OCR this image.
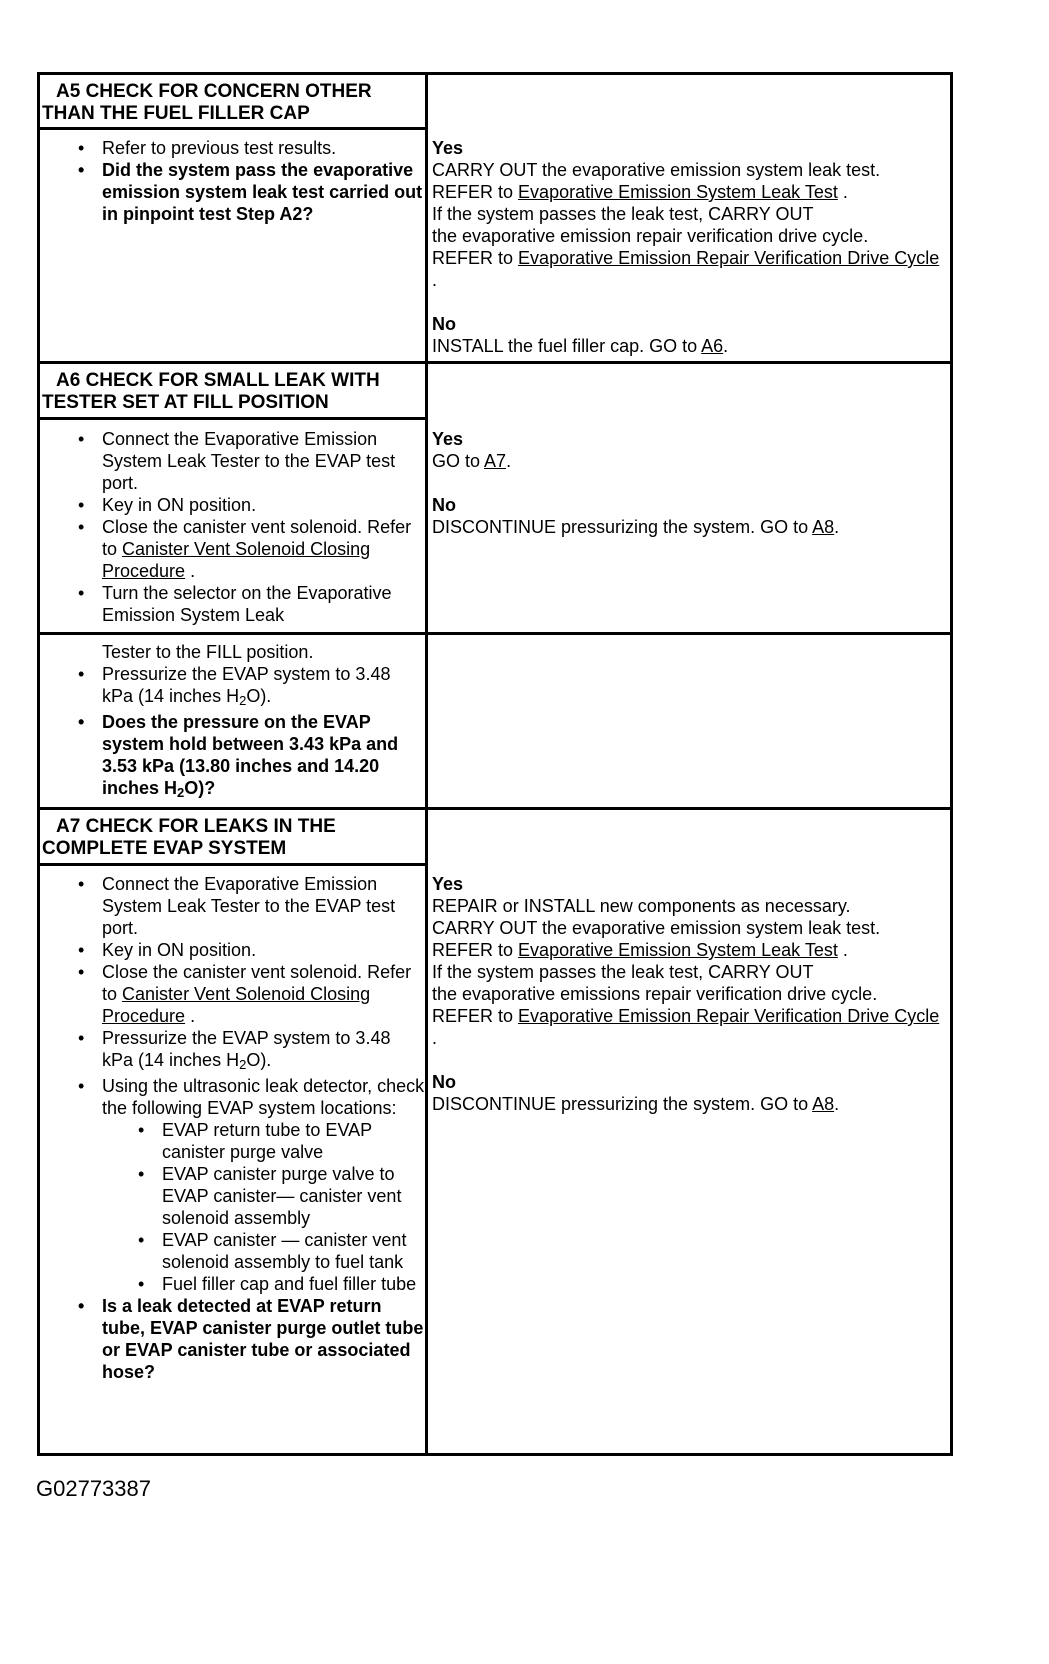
A5 CHECK FOR CONCERN OTHER
THAN THE FUEL FILLER CAP
• Refer to previous test results.
• Did the system pass the evaporative emission system leak test carried out in pinpoint test Step A2?
Yes
CARRY OUT the evaporative emission system leak test.
REFER to Evaporative Emission System Leak Test .
If the system passes the leak test, CARRY OUT
the evaporative emission repair verification drive cycle.
REFER to Evaporative Emission Repair Verification Drive Cycle .
No
INSTALL the fuel filler cap. GO to A6.
A6 CHECK FOR SMALL LEAK WITH
TESTER SET AT FILL POSITION
• Connect the Evaporative Emission System Leak Tester to the EVAP test port.
• Key in ON position.
• Close the canister vent solenoid. Refer to Canister Vent Solenoid Closing Procedure .
• Turn the selector on the Evaporative Emission System Leak
Yes
GO to A7.
No
DISCONTINUE pressurizing the system. GO to A8.
Tester to the FILL position.
• Pressurize the EVAP system to 3.48 kPa (14 inches $H_2O$).
• Does the pressure on the EVAP system hold between 3.43 kPa and 3.53 kPa (13.80 inches and 14.20 inches $H_2O$)?
A7 CHECK FOR LEAKS IN THE
COMPLETE EVAP SYSTEM
• Connect the Evaporative Emission System Leak Tester to the EVAP test port.
• Key in ON position.
• Close the canister vent solenoid. Refer to Canister Vent Solenoid Closing Procedure .
• Pressurize the EVAP system to 3.48 kPa (14 inches $H_2O$).
• Using the ultrasonic leak detector, check the following EVAP system locations:
• EVAP return tube to EVAP canister purge valve
• EVAP canister purge valve to EVAP canister— canister vent solenoid assembly
• EVAP canister — canister vent solenoid assembly to fuel tank
• Fuel filler cap and fuel filler tube
• Is a leak detected at EVAP return tube, EVAP canister purge outlet tube or EVAP canister tube or associated hose?
Yes
REPAIR or INSTALL new components as necessary.
CARRY OUT the evaporative emission system leak test.
REFER to Evaporative Emission System Leak Test .
If the system passes the leak test, CARRY OUT
the evaporative emissions repair verification drive cycle.
REFER to Evaporative Emission Repair Verification Drive Cycle .
No
DISCONTINUE pressurizing the system. GO to A8.
G02773387
